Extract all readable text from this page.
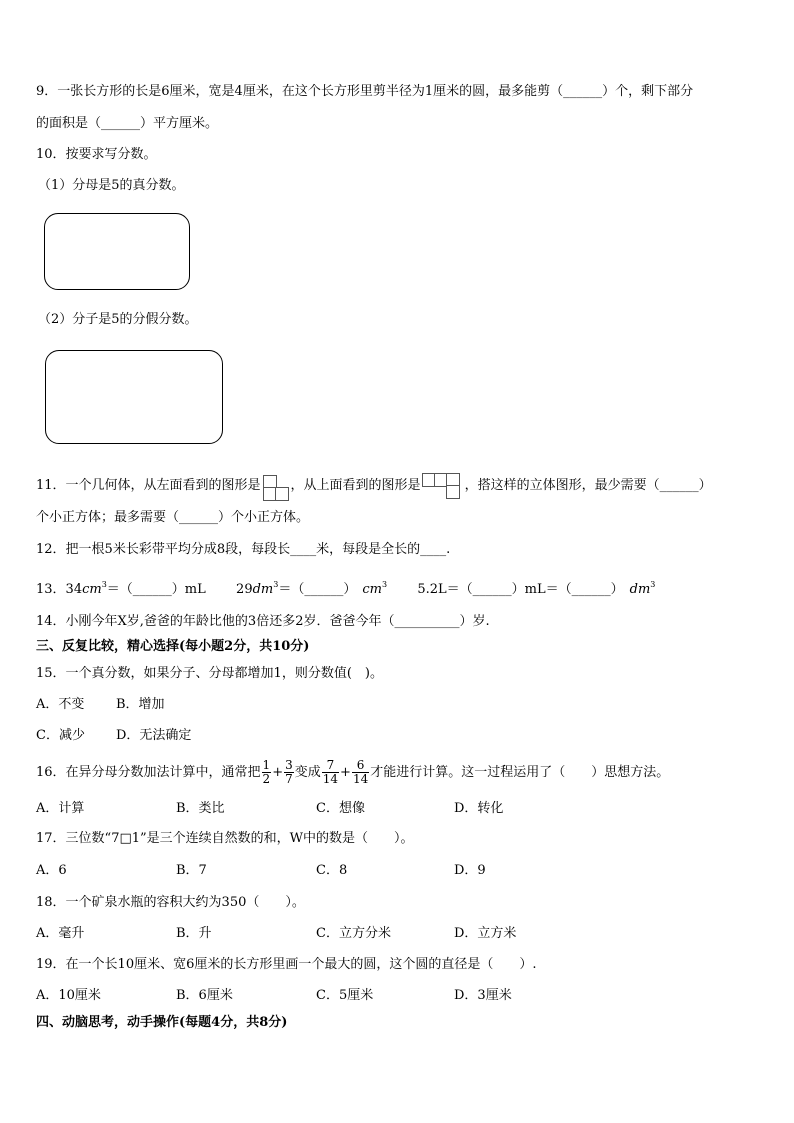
9．一张长方形的长是6厘米，宽是4厘米，在这个长方形里剪半径为1厘米的圆，最多能剪（______）个，剩下部分
的面积是（______）平方厘米。
10．按要求写分数。
（1）分母是5的真分数。
（2）分子是5的分假分数。
11．一个几何体，从左面看到的图形是 ，从上面看到的图形是	，搭这样的立体图形，最少需要（______）
个小正方体；最多需要（______）个小正方体。
12．把一根5米长彩带平均分成8段，每段长____米，每段是全长的____.
13．$34cm^3=(\_\_\_\_\_\_)mL$ $29dm^3=(\_\_\_\_\_\_)$ $cm^3$ 5.2L＝（______）mL＝（______） $dm^3$
14．小刚今年X岁,爸爸的年龄比他的3倍还多2岁．爸爸今年（__________）岁.
三、反复比较，精心选择(每小题2分，共10分)
15．一个真分数，如果分子、分母都增加1，则分数值(　)。
A．不变 B．增加
C．减少 D．无法确定
16．在异分母分数加法计算中，通常把 $\frac{1}{2} + \frac{3}{7}$ 变成 $\frac{7}{14} + \frac{6}{14}$ 才能进行计算。这一过程运用了（　　）思想方法。
A．计算	B．类比	C．想像	D．转化
17．三位数“7□1”是三个连续自然数的和，W中的数是（　　）。
A．6	B．7	C．8	D．9
18．一个矿泉水瓶的容积大约为350（　　）。
A．毫升	B．升	C．立方分米	D．立方米
19．在一个长10厘米、宽6厘米的长方形里画一个最大的圆，这个圆的直径是（　　）.
A．10厘米	B．6厘米	C．5厘米	D．3厘米
四、动脑思考，动手操作(每题4分，共8分)
